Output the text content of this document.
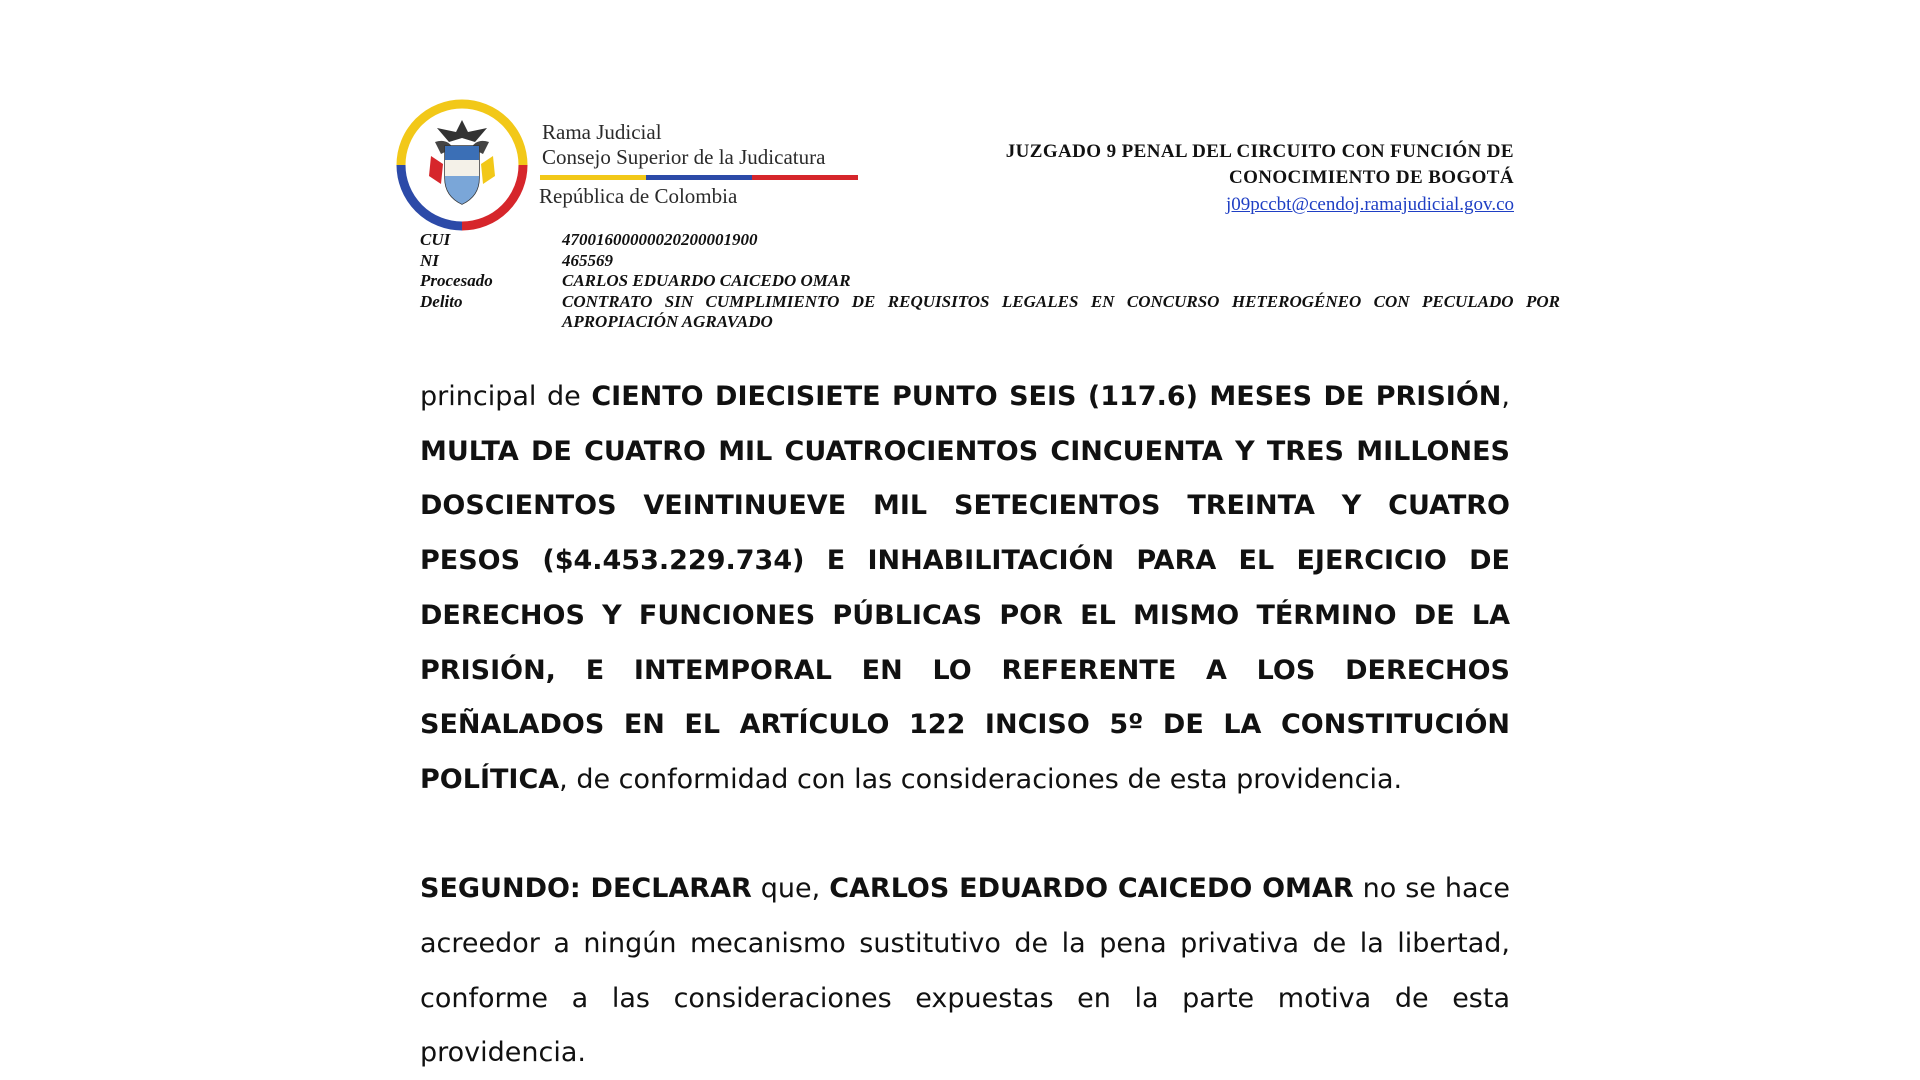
Rama Judicial
Consejo Superior de la Judicatura
República de Colombia
JUZGADO 9 PENAL DEL CIRCUITO CON FUNCIÓN DE
CONOCIMIENTO DE BOGOTÁ
j09pccbt@cendoj.ramajudicial.gov.co
CUI	47001600000020200001900
NI	465569
Procesado	CARLOS EDUARDO CAICEDO OMAR
Delito	CONTRATO SIN CUMPLIMIENTO DE REQUISITOS LEGALES EN CONCURSO HETEROGÉNEO CON PECULADO POR APROPIACIÓN AGRAVADO

principal de CIENTO DIECISIETE PUNTO SEIS (117.6) MESES DE PRISIÓN, MULTA DE CUATRO MIL CUATROCIENTOS CINCUENTA Y TRES MILLONES DOSCIENTOS VEINTINUEVE MIL SETECIENTOS TREINTA Y CUATRO PESOS ($4.453.229.734) E INHABILITACIÓN PARA EL EJERCICIO DE DERECHOS Y FUNCIONES PÚBLICAS POR EL MISMO TÉRMINO DE LA PRISIÓN, E INTEMPORAL EN LO REFERENTE A LOS DERECHOS SEÑALADOS EN EL ARTÍCULO 122 INCISO 5º DE LA CONSTITUCIÓN POLÍTICA, de conformidad con las consideraciones de esta providencia.

SEGUNDO: DECLARAR que, CARLOS EDUARDO CAICEDO OMAR no se hace acreedor a ningún mecanismo sustitutivo de la pena privativa de la libertad, conforme a las consideraciones expuestas en la parte motiva de esta providencia.
